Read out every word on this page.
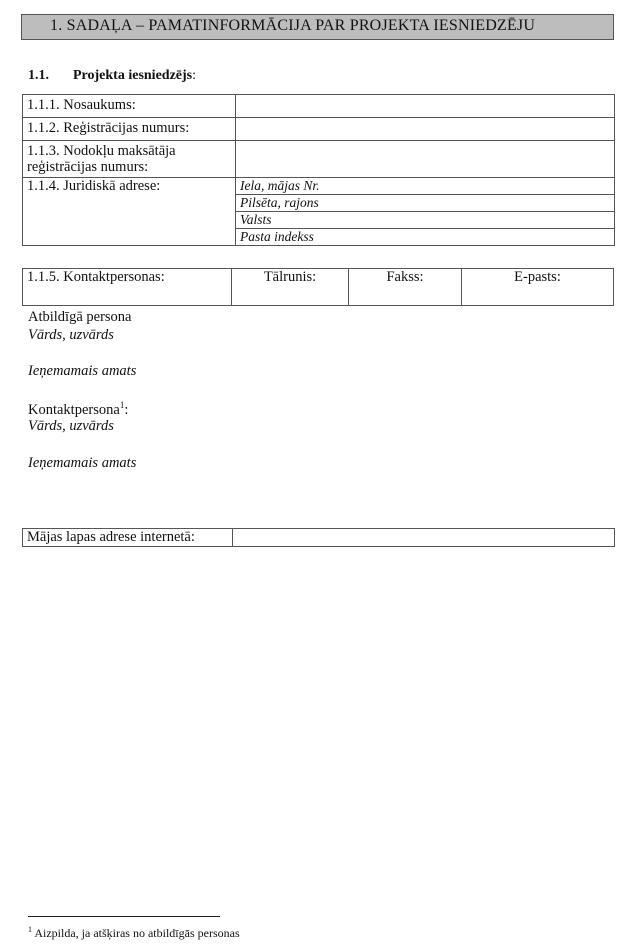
1. SADAĻA – PAMATINFORMĀCIJA PAR PROJEKTA IESNIEDZĒJU
1.1. Projekta iesniedzējs:
1.1.1. Nosaukums:	
1.1.2. Reģistrācijas numurs:	
1.1.3. Nodokļu maksātāja reģistrācijas numurs:	
1.1.4. Juridiskā adrese:	Iela, mājas Nr.
	Pilsēta, rajons
	Valsts
	Pasta indekss
1.1.5. Kontaktpersonas:	Tālrunis:	Fakss:	E-pasts:
Atbildīgā persona
Vārds, uzvārds
Ieņemamais amats
Kontaktpersona$^1$:
Vārds, uzvārds
Ieņemamais amats
Mājas lapas adrese internetā:	
$^1$ Aizpilda, ja atšķiras no atbildīgās personas
